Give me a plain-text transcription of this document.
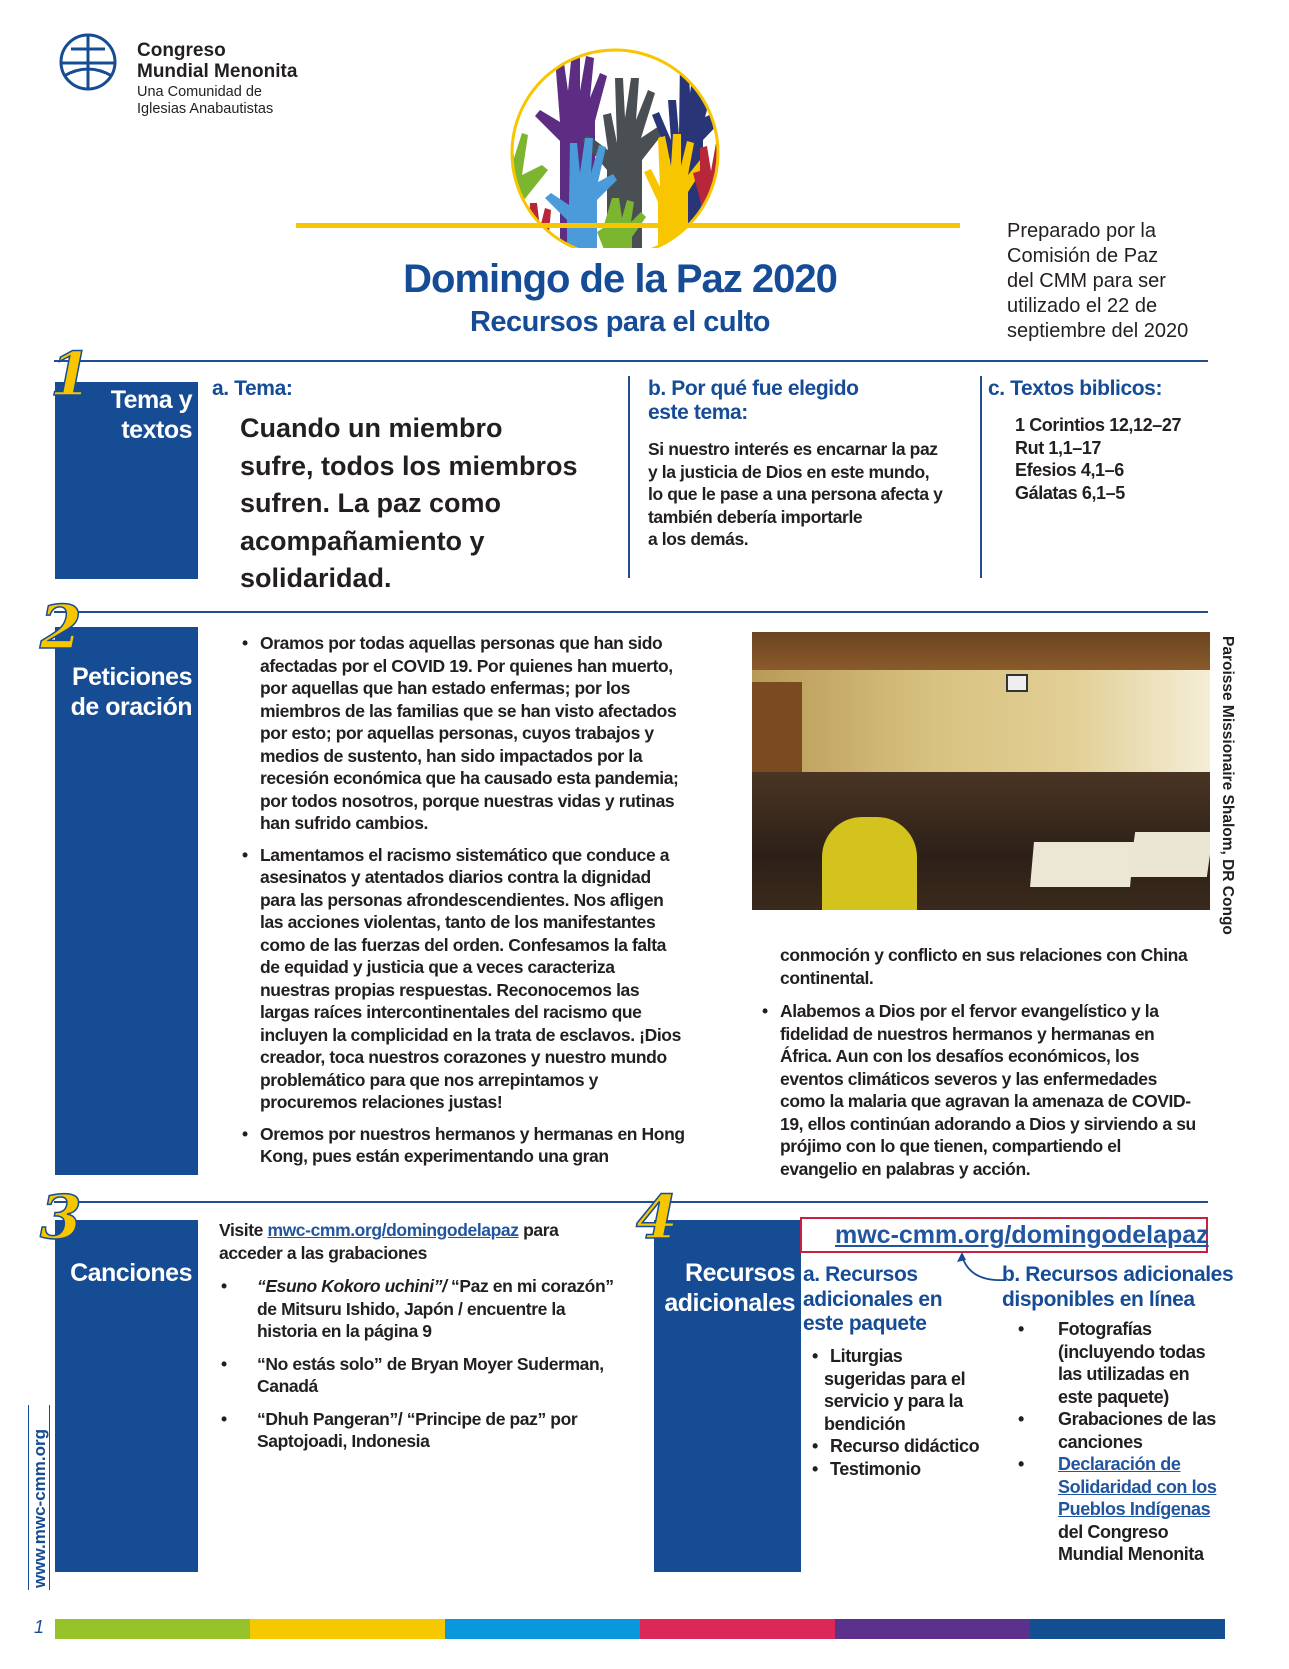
Congreso
Mundial Menonita
Una Comunidad de
Iglesias Anabautistas
Domingo de la Paz 2020
Recursos para el culto
Preparado por la
Comisión de Paz
del CMM para ser
utilizado el 22 de
septiembre del 2020
Tema y
textos
1	a. Tema:
Cuando un miembro
sufre, todos los miembros
sufren. La paz como
acompañamiento y
solidaridad.
b. Por qué fue elegido
este tema:
Si nuestro interés es encarnar la paz
y la justicia de Dios en este mundo,
lo que le pase a una persona afecta y
también debería importarle
a los demás.
c. Textos biblicos:
1 Corintios 12,12–27
Rut 1,1–17
Efesios 4,1–6
Gálatas 6,1–5
Peticiones
de oración
2	• Oramos por todas aquellas personas que han sido afectadas por el COVID 19. Por quienes han muerto, por aquellas que han estado enfermas; por los miembros de las familias que se han visto afectados por esto; por aquellas personas, cuyos trabajos y medios de sustento, han sido impactados por la recesión económica que ha causado esta pandemia; por todos nosotros, porque nuestras vidas y rutinas han sufrido cambios.
• Lamentamos el racismo sistemático que conduce a asesinatos y atentados diarios contra la dignidad para las personas afrondescendientes. Nos afligen las acciones violentas, tanto de los manifestantes como de las fuerzas del orden. Confesamos la falta de equidad y justicia que a veces caracteriza nuestras propias respuestas. Reconocemos las largas raíces intercontinentales del racismo que incluyen la complicidad en la trata de esclavos. ¡Dios creador, toca nuestros corazones y nuestro mundo problemático para que nos arrepintamos y procuremos relaciones justas!
• Oremos por nuestros hermanos y hermanas en Hong Kong, pues están experimentando una gran
Paroisse Missionaire Shalom, DR Congo
conmoción y conflicto en sus relaciones con China continental.
• Alabemos a Dios por el fervor evangelístico y la fidelidad de nuestros hermanos y hermanas en África. Aun con los desafíos económicos, los eventos climáticos severos y las enfermedades como la malaria que agravan la amenaza de COVID-19, ellos continúan adorando a Dios y sirviendo a su prójimo con lo que tienen, compartiendo el evangelio en palabras y acción.
Canciones
3	Visite mwc-cmm.org/domingodelapaz para acceder a las grabaciones
• “Esuno Kokoro uchini”/ “Paz en mi corazón” de Mitsuru Ishido, Japón / encuentre la historia en la página 9
• “No estás solo” de Bryan Moyer Suderman, Canadá
• “Dhuh Pangeran”/ “Principe de paz” por Saptojoadi, Indonesia
Recursos
adicionales
4	mwc-cmm.org/domingodelapaz
a. Recursos
adicionales en
este paquete
• Liturgias sugeridas para el servicio y para la bendición
• Recurso didáctico
• Testimonio
b. Recursos adicionales
disponibles en línea
• Fotografías (incluyendo todas las utilizadas en este paquete)
• Grabaciones de las canciones
• Declaración de Solidaridad con los Pueblos Indígenas del Congreso Mundial Menonita
www.mwc-cmm.org
1
